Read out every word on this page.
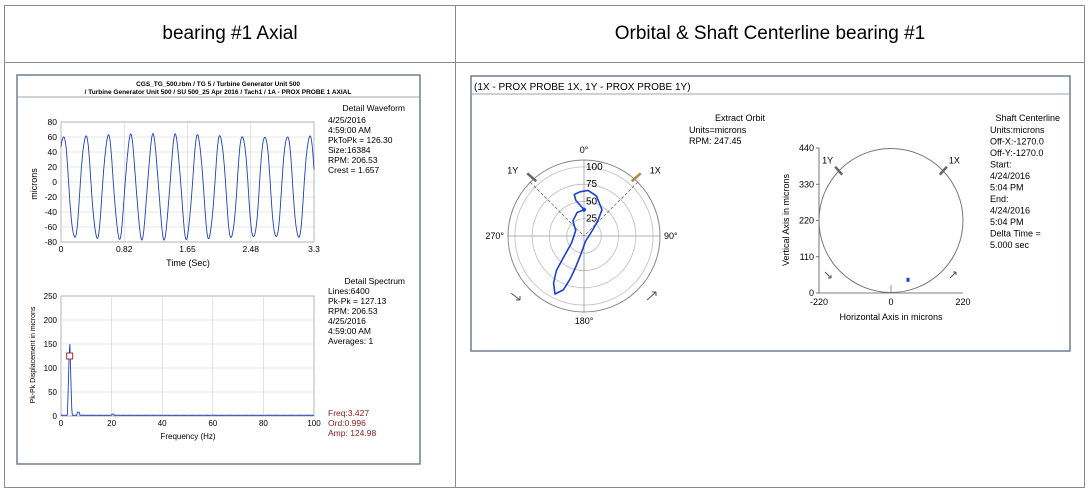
CGS_TG_500.rbm / TG 5 / Turbine Generator Unit 500
/ Turbine Generator Unit 500 / SU 500_25 Apr 2016 / Tach1 / 1A - PROX PROBE 1 AXIAL
0	0.82	1.65	2.48	3.3
80
60
40
20
0
-20
-40
-60
-80
Detail Waveform
4/25/2016
4:59:00 AM
PkToPk = 126.30
Size:16384
RPM: 206.53
Crest = 1.657
Time (Sec)
microns
0	20	40	60	80	100
250
200
150
100
50
0
Detail Spectrum
Lines:6400
Pk-Pk = 127.13
RPM: 206.53
4/25/2016
4:59:00 AM
Averages: 1
Freq:3.427
Ord:0.996
Amp: 124.98
Frequency (Hz)
Pk-Pk Displacement in microns
(1X - PROX PROBE 1X, 1Y - PROX PROBE 1Y)
1Y	1X
0°
90°
180°
270°
25
50
75
100
Extract Orbit
Units=microns
RPM: 247.45
-220	0	220
440
330
220
110
0
1Y	1X
Shaft Centerline
Units:microns
Off-X:-1270.0
Off-Y:-1270.0
Start:
4/24/2016
5:04 PM
End:
4/24/2016
5:04 PM
Delta Time =
5.000 sec
Horizontal Axis in microns
Vertical Axis in microns
bearing #1 Axial	Orbital & Shaft Centerline bearing #1
